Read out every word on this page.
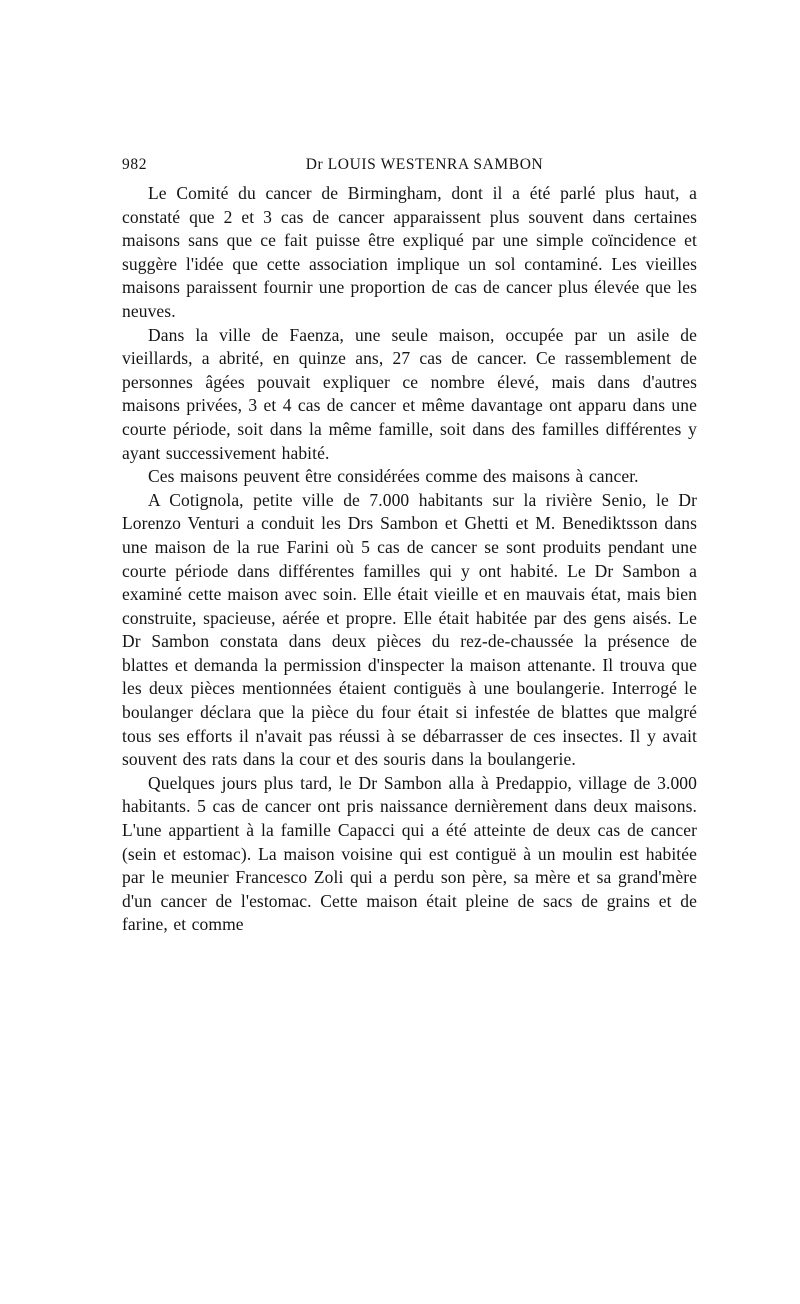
982	Dr LOUIS WESTENRA SAMBON

Le Comité du cancer de Birmingham, dont il a été parlé plus haut, a constaté que 2 et 3 cas de cancer apparaissent plus souvent dans certaines maisons sans que ce fait puisse être expliqué par une simple coïncidence et suggère l'idée que cette association implique un sol contaminé. Les vieilles maisons paraissent fournir une proportion de cas de cancer plus élevée que les neuves.

Dans la ville de Faenza, une seule maison, occupée par un asile de vieillards, a abrité, en quinze ans, 27 cas de cancer. Ce rassemblement de personnes âgées pouvait expliquer ce nombre élevé, mais dans d'autres maisons privées, 3 et 4 cas de cancer et même davantage ont apparu dans une courte période, soit dans la même famille, soit dans des familles différentes y ayant successivement habité.

Ces maisons peuvent être considérées comme des maisons à cancer.

A Cotignola, petite ville de 7.000 habitants sur la rivière Senio, le Dr Lorenzo Venturi a conduit les Drs Sambon et Ghetti et M. Benediktsson dans une maison de la rue Farini où 5 cas de cancer se sont produits pendant une courte période dans différentes familles qui y ont habité. Le Dr Sambon a examiné cette maison avec soin. Elle était vieille et en mauvais état, mais bien construite, spacieuse, aérée et propre. Elle était habitée par des gens aisés. Le Dr Sambon constata dans deux pièces du rez-de-chaussée la présence de blattes et demanda la permission d'inspecter la maison attenante. Il trouva que les deux pièces mentionnées étaient contiguës à une boulangerie. Interrogé le boulanger déclara que la pièce du four était si infestée de blattes que malgré tous ses efforts il n'avait pas réussi à se débarrasser de ces insectes. Il y avait souvent des rats dans la cour et des souris dans la boulangerie.

Quelques jours plus tard, le Dr Sambon alla à Predappio, village de 3.000 habitants. 5 cas de cancer ont pris naissance dernièrement dans deux maisons. L'une appartient à la famille Capacci qui a été atteinte de deux cas de cancer (sein et estomac). La maison voisine qui est contiguë à un moulin est habitée par le meunier Francesco Zoli qui a perdu son père, sa mère et sa grand'mère d'un cancer de l'estomac. Cette maison était pleine de sacs de grains et de farine, et comme
